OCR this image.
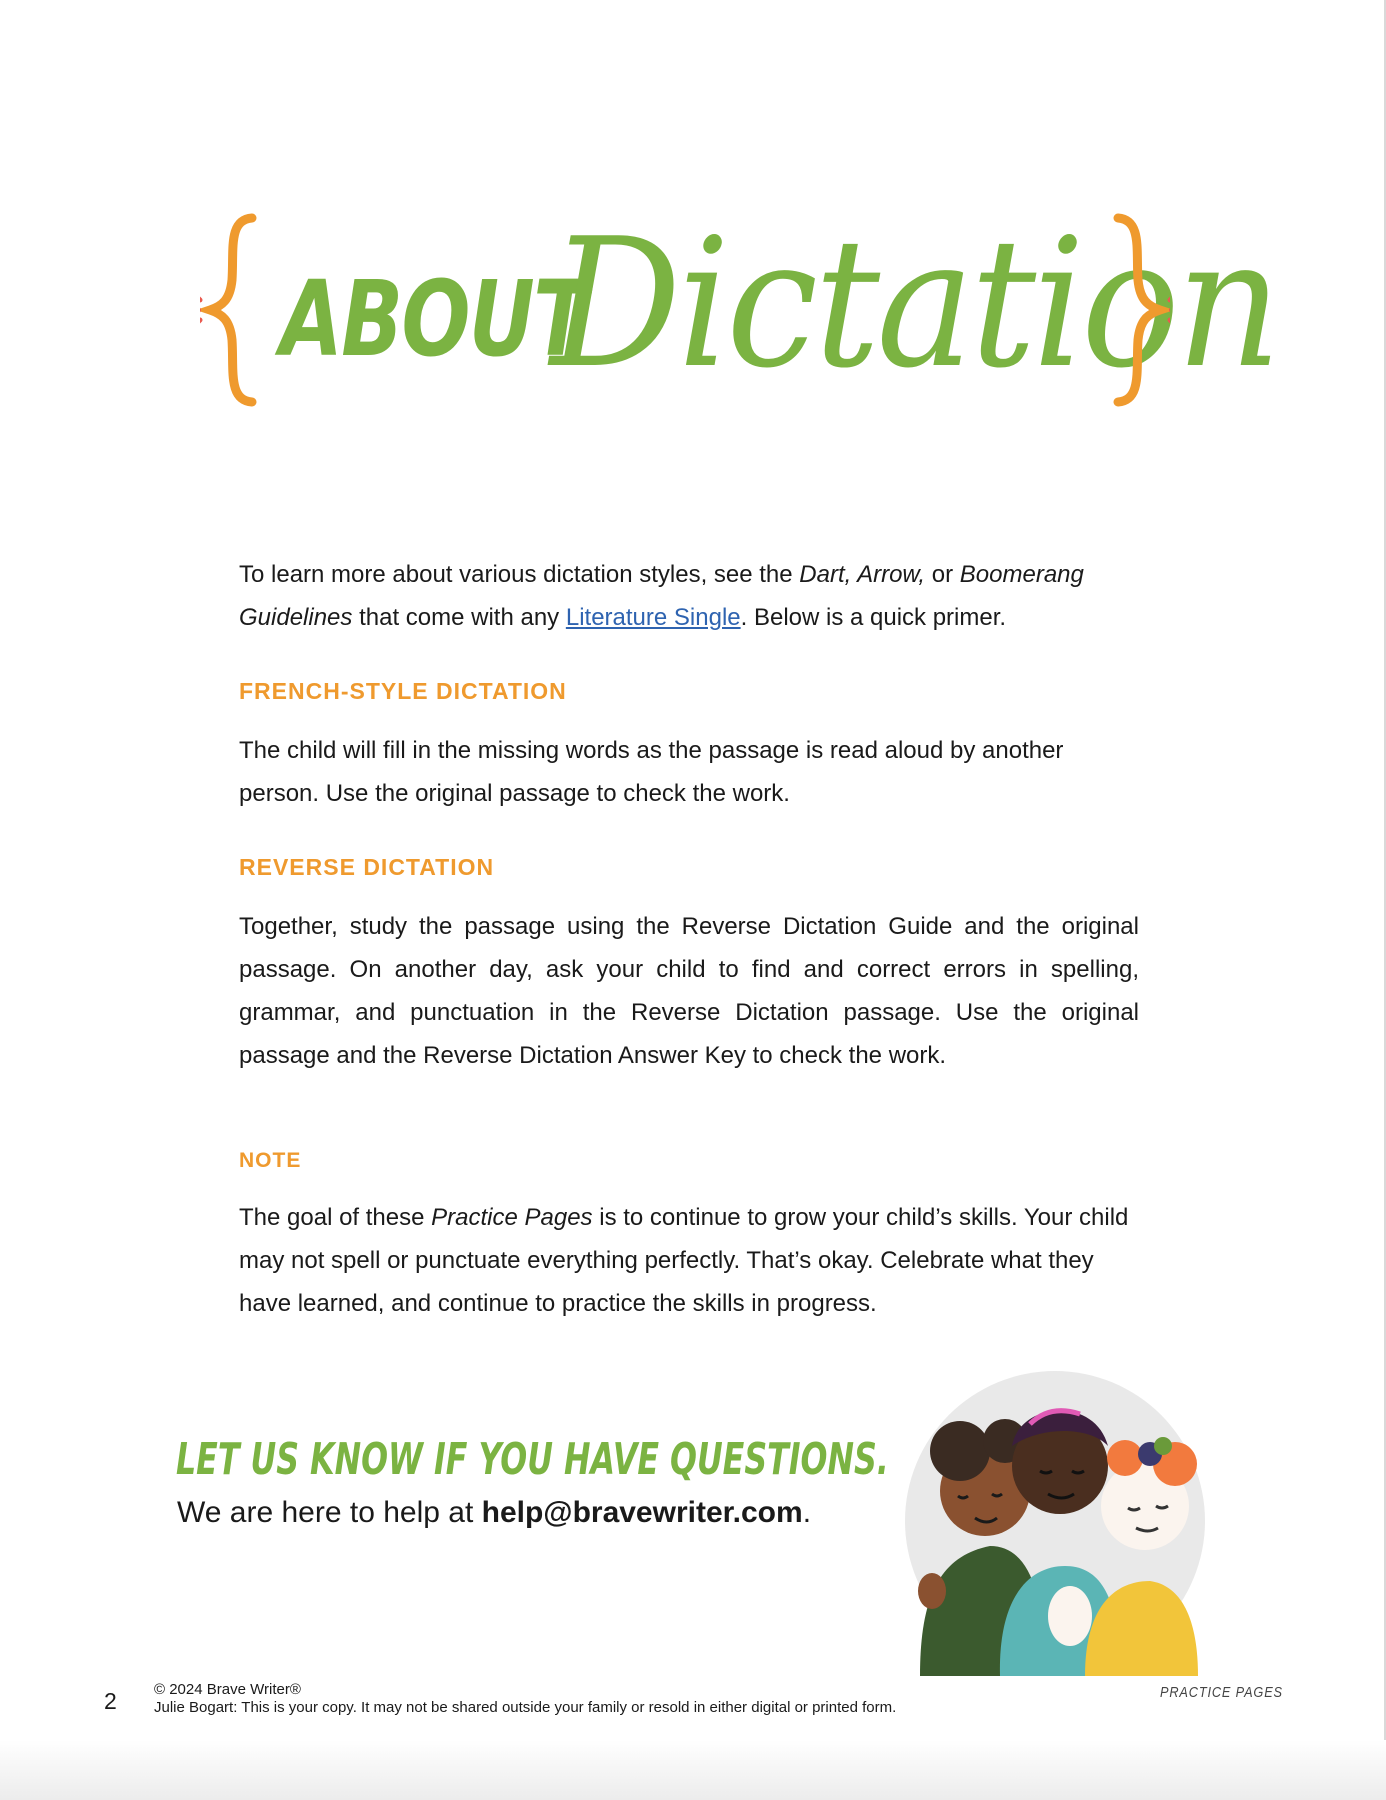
ABOUT
Dictation

To learn more about various dictation styles, see the Dart, Arrow, or Boomerang Guidelines that come with any Literature Single. Below is a quick primer.

FRENCH-STYLE DICTATION

The child will fill in the missing words as the passage is read aloud by another person. Use the original passage to check the work.

REVERSE DICTATION

Together, study the passage using the Reverse Dictation Guide and the original passage. On another day, ask your child to find and correct errors in spelling, grammar, and punctuation in the Reverse Dictation passage. Use the original passage and the Reverse Dictation Answer Key to check the work.

NOTE

The goal of these Practice Pages is to continue to grow your child’s skills. Your child may not spell or punctuate everything perfectly. That’s okay. Celebrate what they have learned, and continue to practice the skills in progress.

LET US KNOW IF YOU HAVE QUESTIONS.
We are here to help at help@bravewriter.com.
2 © 2024 Brave Writer®
Julie Bogart: This is your copy. It may not be shared outside your family or resold in either digital or printed form.
PRACTICE PAGES
